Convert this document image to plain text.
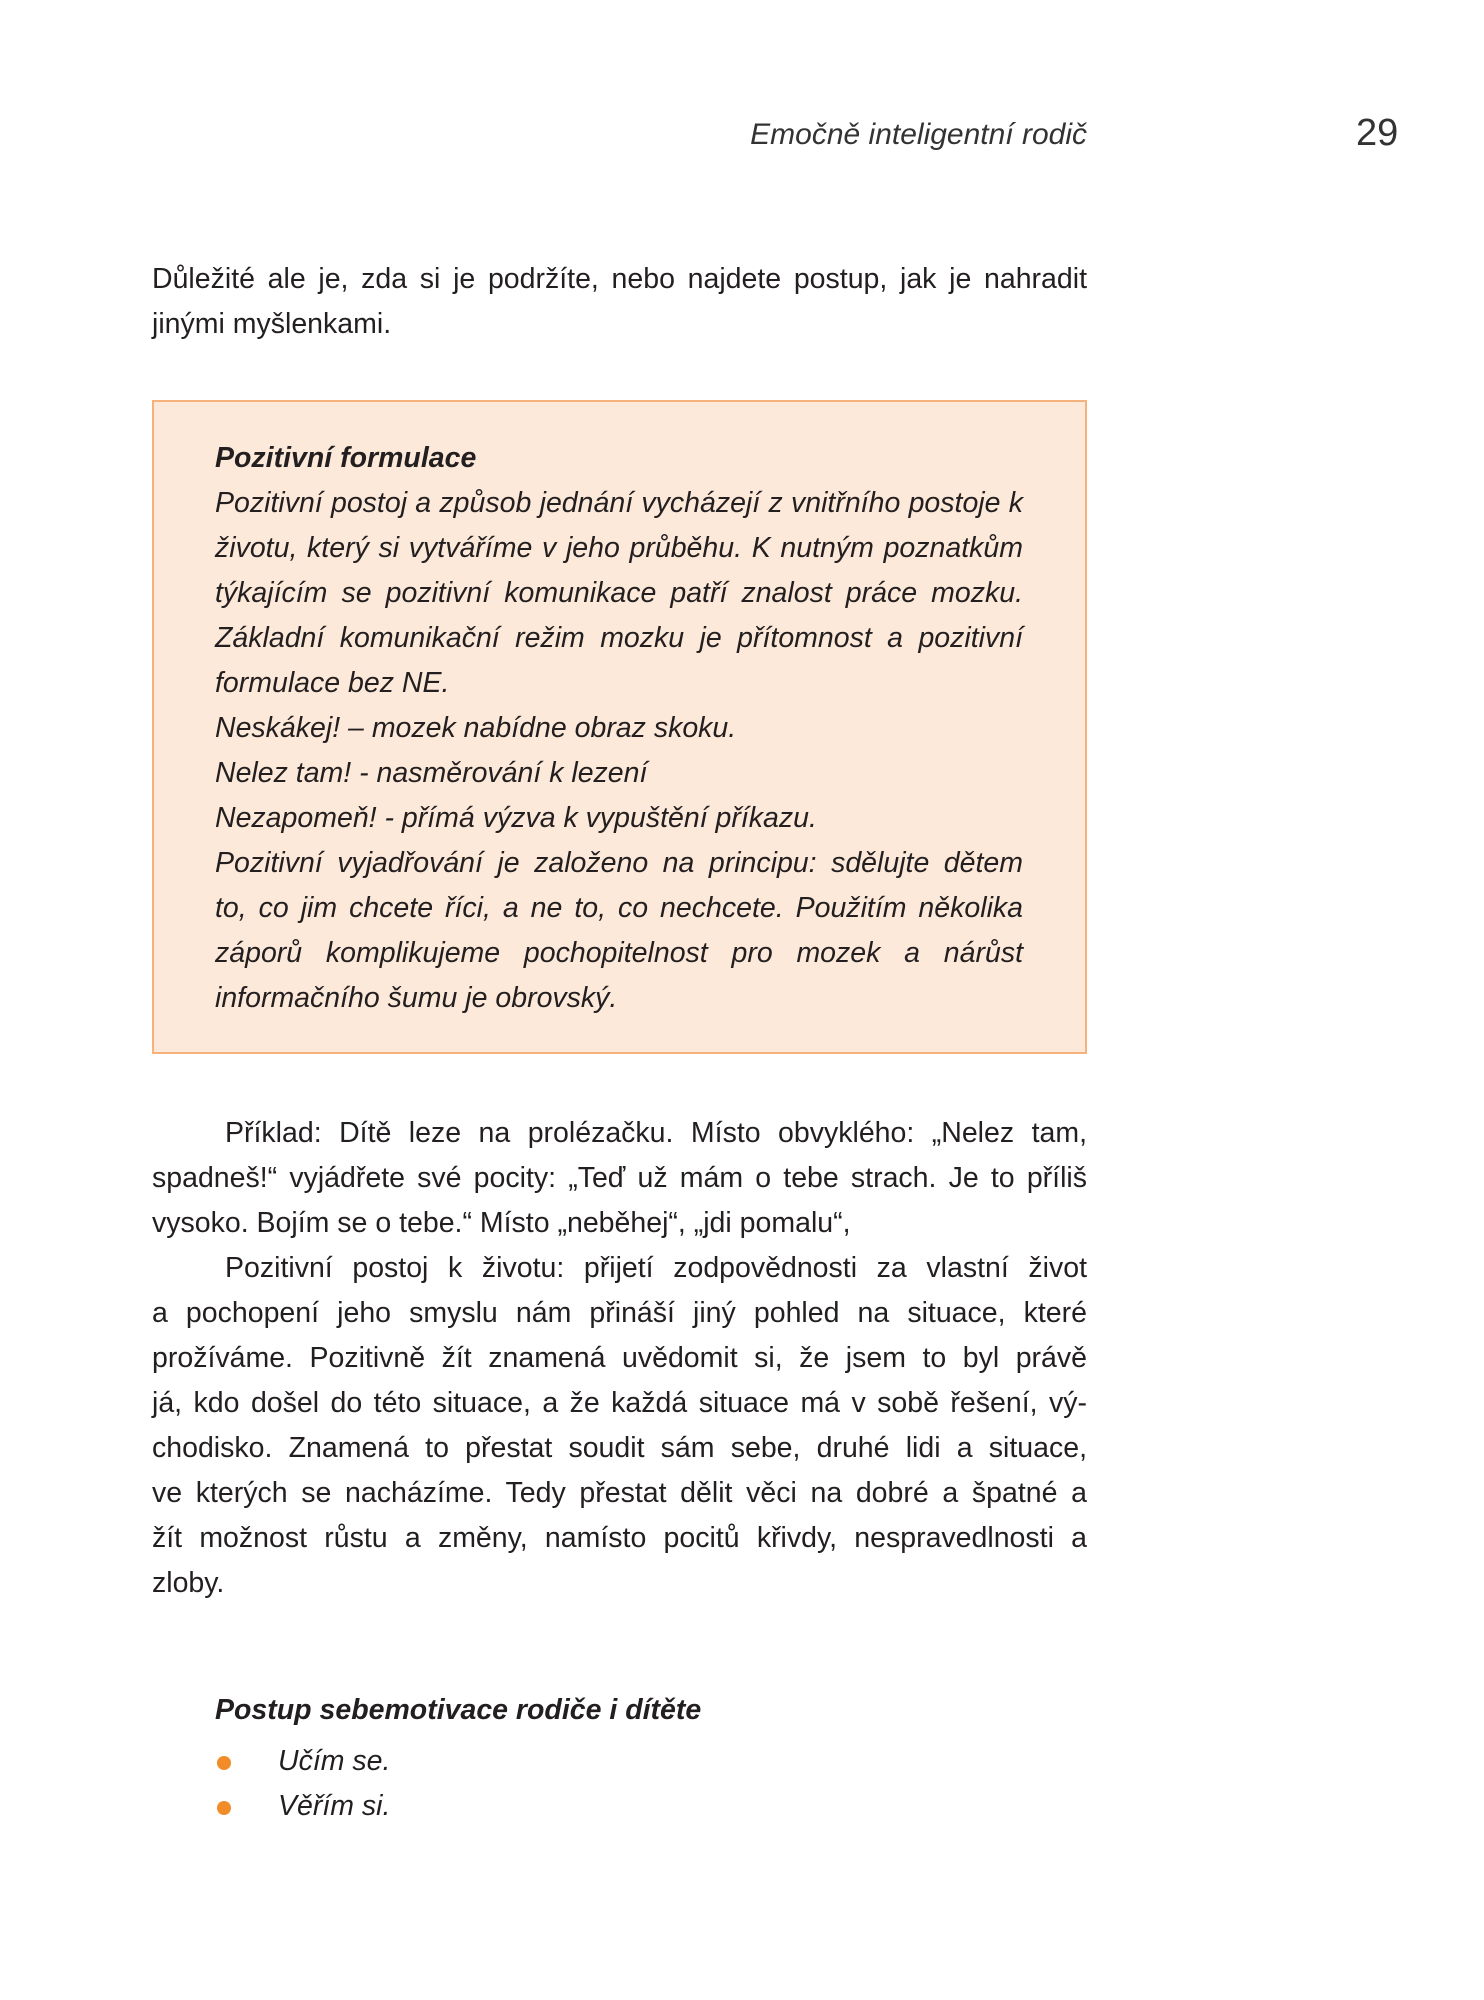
Emočně inteligentní rodič	29
Důležité ale je, zda si je podržíte, nebo najdete postup, jak je nahradit
jinými myšlenkami.
Pozitivní formulace
Pozitivní postoj a způsob jednání vycházejí z vnitřního postoje k
životu, který si vytváříme v jeho průběhu. K nutným poznatkům
týkajícím se pozitivní komunikace patří znalost práce mozku.
Základní komunikační režim mozku je přítomnost a pozitivní
formulace bez NE.
Neskákej! – mozek nabídne obraz skoku.
Nelez tam! - nasměrování k lezení
Nezapomeň! - přímá výzva k vypuštění příkazu.
Pozitivní vyjadřování je založeno na principu: sdělujte dětem
to, co jim chcete říci, a ne to, co nechcete. Použitím několika
záporů komplikujeme pochopitelnost pro mozek a nárůst
informačního šumu je obrovský.
Příklad: Dítě leze na prolézačku. Místo obvyklého: „Nelez tam,
spadneš!“ vyjádřete své pocity: „Teď už mám o tebe strach. Je to příliš
vysoko. Bojím se o tebe.“ Místo „neběhej“, „jdi pomalu“,
Pozitivní postoj k životu: přijetí zodpovědnosti za vlastní život
a pochopení jeho smyslu nám přináší jiný pohled na situace, které
prožíváme. Pozitivně žít znamená uvědomit si, že jsem to byl právě
já, kdo došel do této situace, a že každá situace má v sobě řešení, vý-
chodisko. Znamená to přestat soudit sám sebe, druhé lidi a situace,
ve kterých se nacházíme. Tedy přestat dělit věci na dobré a špatné a
žít možnost růstu a změny, namísto pocitů křivdy, nespravedlnosti a
zloby.
Postup sebemotivace rodiče i dítěte
Učím se.
Věřím si.
